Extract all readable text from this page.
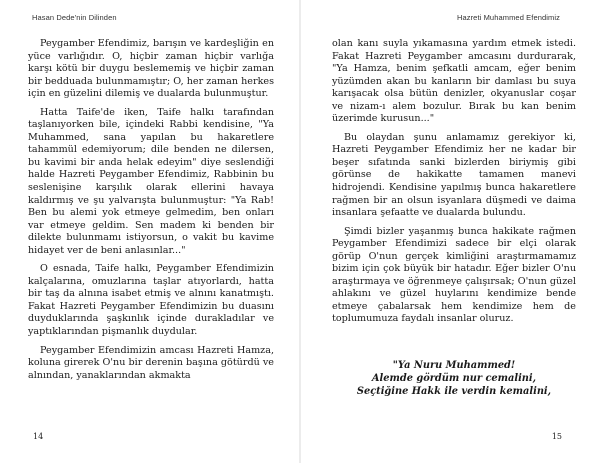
Hasan Dede'nin Dilinden

Peygamber Efendimiz, barışın ve kardeşliğin en yüce varlığıdır. O, hiçbir zaman hiçbir varlığa karşı kötü bir duygu beslememiş ve hiçbir zaman bir bedduada bulunmamıştır; O, her zaman herkes için en güzelini dilemiş ve dualarda bulunmuştur.

Hatta Taife'de iken, Taife halkı tarafından taşlanıyorken bile, içindeki Rabbi kendisine, "Ya Muhammed, sana yapılan bu hakaretlere tahammül edemiyorum; dile benden ne dilersen, bu kavimi bir anda helak edeyim" diye seslendiği halde Hazreti Peygamber Efendimiz, Rabbinin bu seslenişine karşılık olarak ellerini havaya kaldırmış ve şu yalvarışta bulunmuştur: "Ya Rab! Ben bu alemi yok etmeye gelmedim, ben onları var etmeye geldim. Sen madem ki benden bir dilekte bulunmamı istiyorsun, o vakit bu kavime hidayet ver de beni anlasınlar..."

O esnada, Taife halkı, Peygamber Efendimizin kalçalarına, omuzlarına taşlar atıyorlardı, hatta bir taş da alnına isabet etmiş ve alnını kanatmıştı. Fakat Hazreti Peygamber Efendimizin bu duasını duyduklarında şaşkınlık içinde durakladılar ve yaptıklarından pişmanlık duydular.

Peygamber Efendimizin amcası Hazreti Hamza, koluna girerek O'nu bir derenin başına götürdü ve alnından, yanaklarından akmakta

14
Hazreti Muhammed Efendimiz

olan kanı suyla yıkamasına yardım etmek istedi. Fakat Hazreti Peygamber amcasını durdurarak, "Ya Hamza, benim şefkatli amcam, eğer benim yüzümden akan bu kanların bir damlası bu suya karışacak olsa bütün denizler, okyanuslar coşar ve nizam-ı alem bozulur. Bırak bu kan benim üzerimde kurusun..."

Bu olaydan şunu anlamamız gerekiyor ki, Hazreti Peygamber Efendimiz her ne kadar bir beşer sıfatında sanki bizlerden biriymiş gibi görünse de hakikatte tamamen manevi hidrojendi. Kendisine yapılmış bunca hakaretlere rağmen bir an olsun isyanlara düşmedi ve daima insanlara şefaatte ve dualarda bulundu.

Şimdi bizler yaşanmış bunca hakikate rağmen Peygamber Efendimizi sadece bir elçi olarak görüp O'nun gerçek kimliğini araştırmamamız bizim için çok büyük bir hatadır. Eğer bizler O'nu araştırmaya ve öğrenmeye çalışırsak; O'nun güzel ahlakını ve güzel huylarını kendimize bende etmeye çabalarsak hem kendimize hem de toplumumuza faydalı insanlar oluruz.

"Ya Nuru Muhammed!
Alemde gördüm nur cemalini,
Seçtiğine Hakk ile verdin kemalini,
15
